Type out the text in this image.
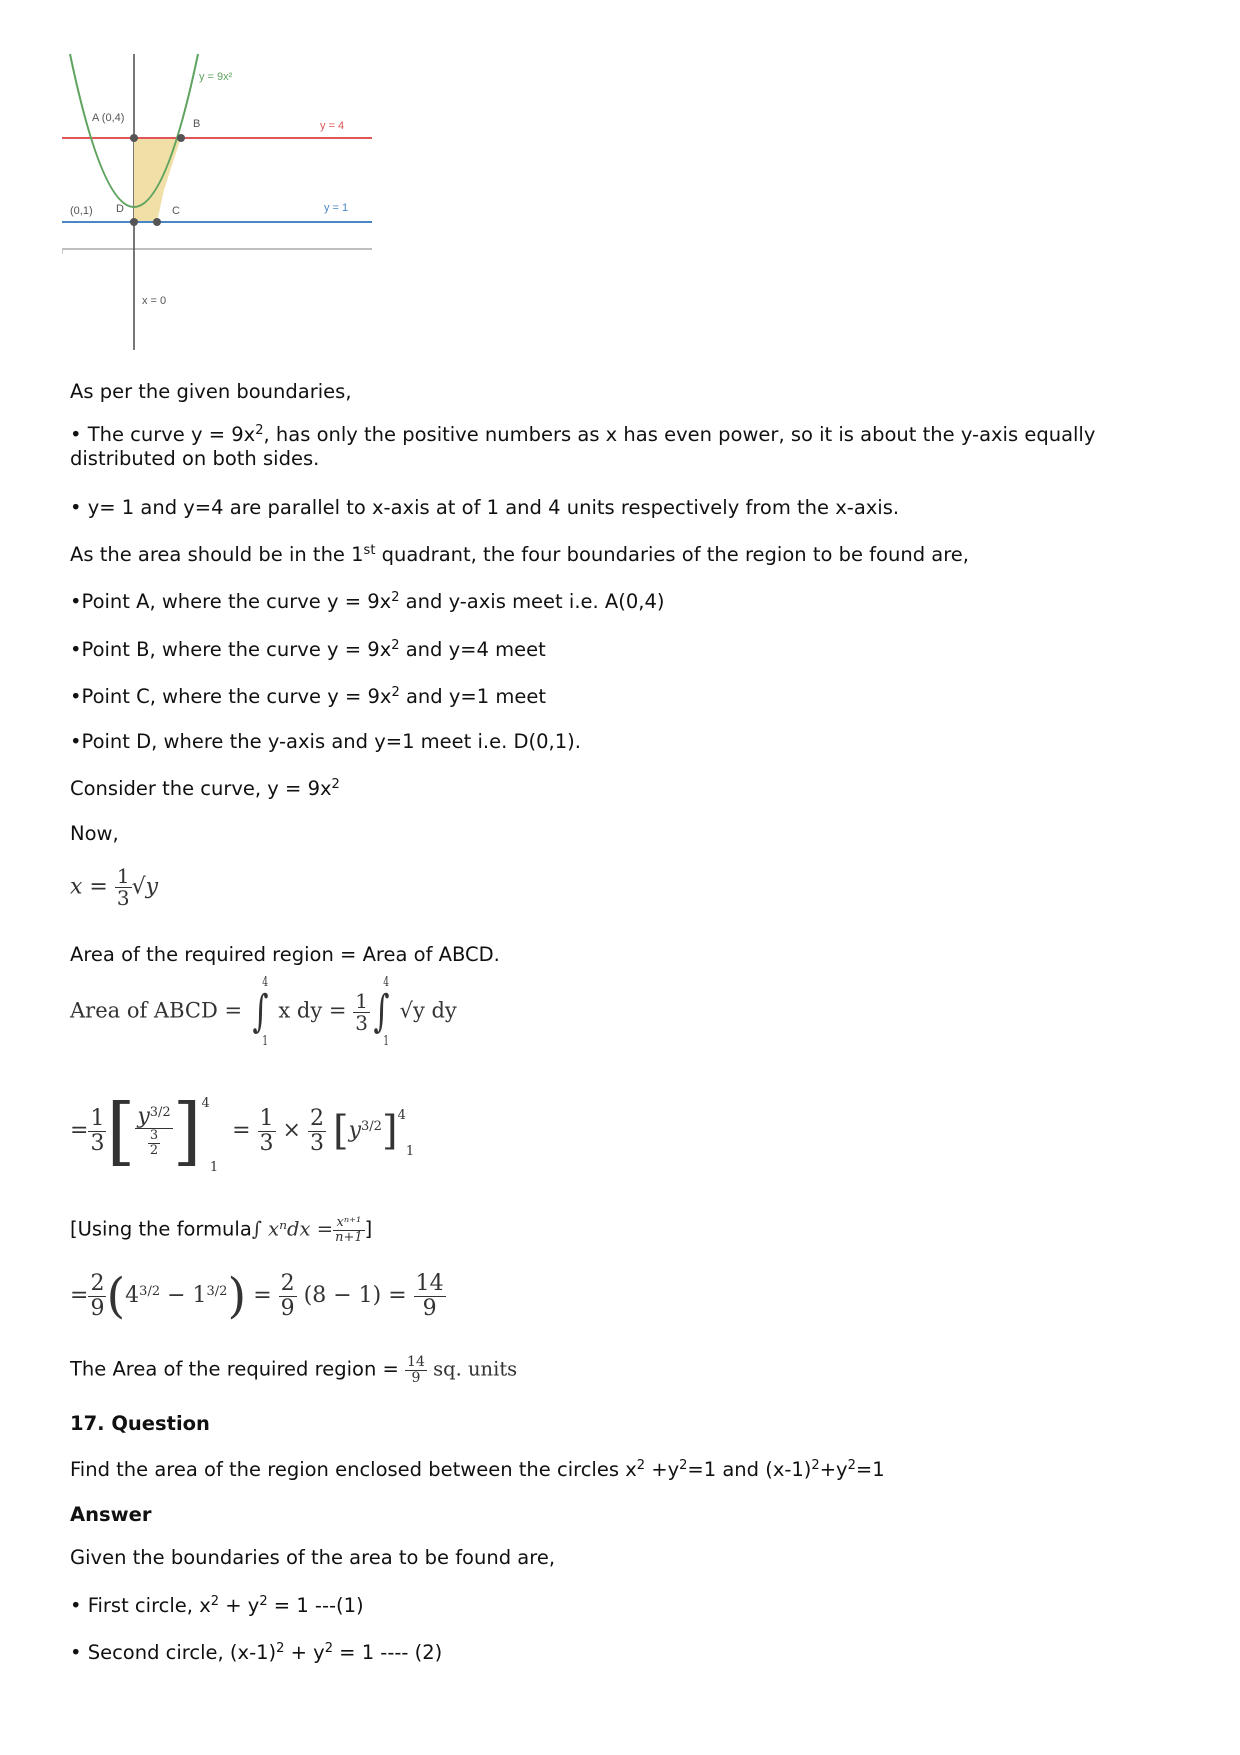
y = 9x²
A (0,4)	B	y = 4
(0,1) D	C	y = 1
x = 0
As per the given boundaries,
• The curve $y = 9x^2$, has only the positive numbers as x has even power, so it is about the y-axis equally distributed on both sides.
• y= 1 and y=4 are parallel to x-axis at of 1 and 4 units respectively from the x-axis.
As the area should be in the 1st quadrant, the four boundaries of the region to be found are,
•Point A, where the curve $y = 9x^2$ and y-axis meet i.e. A(0,4)
•Point B, where the curve $y = 9x^2$ and y=4 meet
•Point C, where the curve $y = 9x^2$ and y=1 meet
•Point D, where the y-axis and y=1 meet i.e. D(0,1).
Consider the curve, $y = 9x^2$
Now,
$x = \frac{1}{3} √y$
Area of the required region = Area of ABCD.
Area of ABCD = ∫
4
1
x dy = $\frac{1}{3}$ ∫
4
1
√y dy
= $\frac{1}{3}$ [ $\frac{y^{3/2}}{\frac{3}{2}} ]^4_1 = \frac{1}{3} \times \frac{2}{3} [y^{3/2}]^4_1$
[Using the formula∫ $x^ndx = \frac{\text{xⁿ⁺¹}}{n+1}$ ]
= $\frac{2}{9} (4^{3/2} - 1^{3/2}) = \frac{2}{9} (8 - 1) = \frac{14}{9}$
The Area of the required region = $\frac{14}{9}$ sq. units
17. Question
Find the area of the region enclosed between the circles $x^2 +y^2=1$ and $(x-1)^2+y^2=1$
Answer
Given the boundaries of the area to be found are,
• First circle, $x^2 + y^2 = 1$ ---(1)
• Second circle, $(x-1)^2 + y^2 = 1$ ---- (2)
